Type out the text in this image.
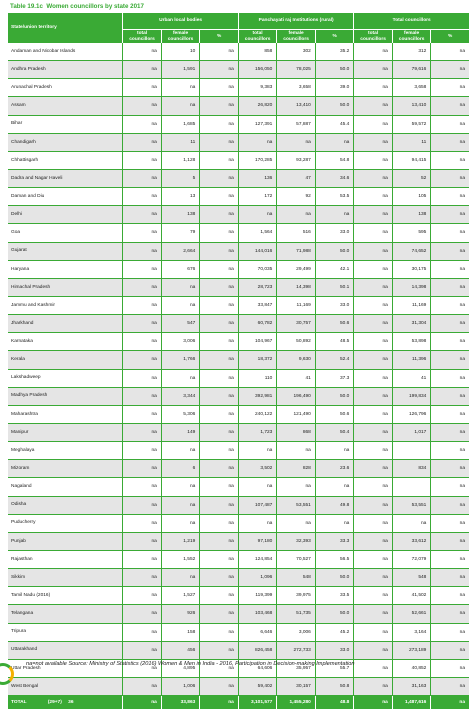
Table 19.1c Women councillors by state 2017
State/union territory	Urban local bodies			Panchayati raj Institutions (rural)			Total councillors		
	total councillors	female councillors	%	total councillors	female councillors	%	total councillors	female councillors	%
Andaman and Nicobar Islands	na	10	na	858	302	35.2	na	312	na
Andhra Pradesh	na	1,591	na	156,050	78,025	50.0	na	79,616	na
Arunachal Pradesh	na	na	na	9,383	3,658	39.0	na	3,658	na
Assam	na	na	na	26,820	13,410	50.0	na	13,410	na
Bihar	na	1,685	na	127,391	57,887	45.4	na	59,572	na
Chandigarh	na	11	na	na	na	na	na	11	na
Chhattisgarh	na	1,128	na	170,285	93,287	54.8	na	94,415	na
Dadra and Nagar Haveli	na	5	na	136	47	34.6	na	52	na
Daman and Diu	na	13	na	172	92	53.5	na	105	na
Delhi	na	138	na	na	na	na	na	138	na
Goa	na	79	na	1,564	516	33.0	na	595	na
Gujarat	na	2,664	na	144,016	71,988	50.0	na	74,652	na
Haryana	na	676	na	70,035	29,499	42.1	na	30,175	na
Himachal Pradesh	na	na	na	28,723	14,398	50.1	na	14,398	na
Jammu and Kashmir	na	na	na	33,847	11,169	33.0	na	11,169	na
Jharkhand	na	547	na	60,782	30,757	50.6	na	31,304	na
Karnataka	na	3,006	na	104,967	50,892	48.5	na	53,898	na
Kerala	na	1,766	na	18,372	9,630	52.4	na	11,396	na
Lakshadweep	na	na	na	110	41	37.3	na	41	na
Madhya Pradesh	na	3,344	na	392,981	196,490	50.0	na	199,834	na
Maharashtra	na	5,306	na	240,122	121,490	50.6	na	126,796	na
Manipur	na	149	na	1,723	868	50.4	na	1,017	na
Meghalaya	na	na	na	na	na	na	na		na
Mizoram	na	6	na	3,502	828	23.6	na	834	na
Nagaland	na	na	na	na	na	na	na		na
Odisha	na	na	na	107,487	53,551	49.8	na	53,551	na
Puducherry	na	na	na	na	na	na	na	na	na
Punjab	na	1,219	na	97,180	32,393	33.3	na	33,612	na
Rajasthan	na	1,552	na	124,854	70,527	56.5	na	72,079	na
Sikkim	na	na	na	1,096	548	50.0	na	548	na
Tamil Nadu (2016)	na	1,527	na	119,399	39,975	33.5	na	41,502	na
Telangana	na	926	na	103,468	51,735	50.0	na	52,661	na
Tripura	na	158	na	6,646	3,006	45.2	na	3,164	na
Uttarakhand	na	456	na	826,458	272,733	33.0	na	273,189	na
Uttar Pradesh	na	4,895	na	64,606	35,957	55.7	na	40,852	na
West Bengal	na	1,006	na	59,402	30,157	50.8	na	31,163	na
TOTAL (29+7) 36	na	33,863	na	3,101,577	1,455,280	48.8	na	1,487,616	na
na=not available Source: Ministry of Statistics (2016) Women & Men in India - 2016, Participation in Decision-making Implementation
